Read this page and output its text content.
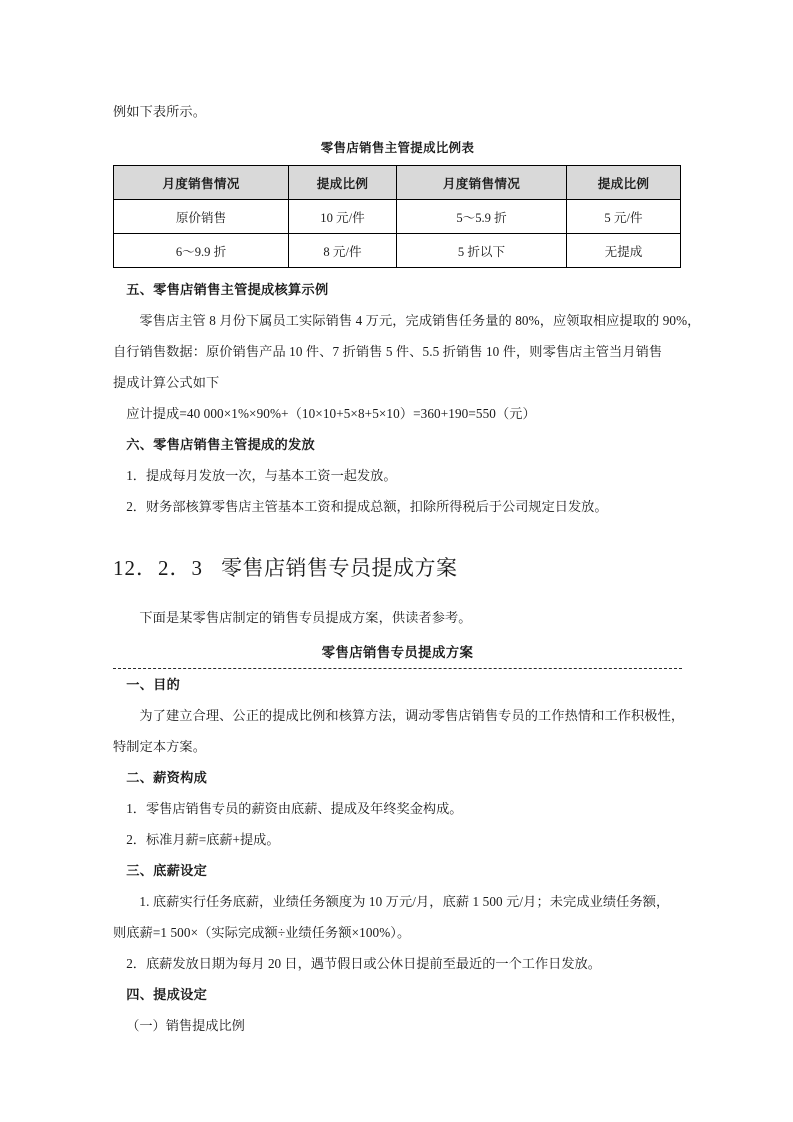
例如下表所示。

零售店销售主管提成比例表

月度销售情况	提成比例	月度销售情况	提成比例
原价销售	10 元/件	5～5.9 折	5 元/件
6～9.9 折	8 元/件	5 折以下	无提成

五、零售店销售主管提成核算示例

零售店主管 8 月份下属员工实际销售 4 万元，完成销售任务量的 80%，应领取相应提取的 90%，

自行销售数据：原价销售产品 10 件、7 折销售 5 件、5.5 折销售 10 件，则零售店主管当月销售

提成计算公式如下

应计提成=40 000×1%×90%+（10×10+5×8+5×10）=360+190=550（元）

六、零售店销售主管提成的发放

1．提成每月发放一次，与基本工资一起发放。

2．财务部核算零售店主管基本工资和提成总额，扣除所得税后于公司规定日发放。

12．2．3 零售店销售专员提成方案

下面是某零售店制定的销售专员提成方案，供读者参考。

零售店销售专员提成方案

一、目的

为了建立合理、公正的提成比例和核算方法，调动零售店销售专员的工作热情和工作积极性，

特制定本方案。

二、薪资构成

1．零售店销售专员的薪资由底薪、提成及年终奖金构成。

2．标准月薪=底薪+提成。

三、底薪设定

1. 底薪实行任务底薪，业绩任务额度为 10 万元/月，底薪 1 500 元/月；未完成业绩任务额，

则底薪=1 500×（实际完成额÷业绩任务额×100%）。

2．底薪发放日期为每月 20 日，遇节假日或公休日提前至最近的一个工作日发放。

四、提成设定

（一）销售提成比例
